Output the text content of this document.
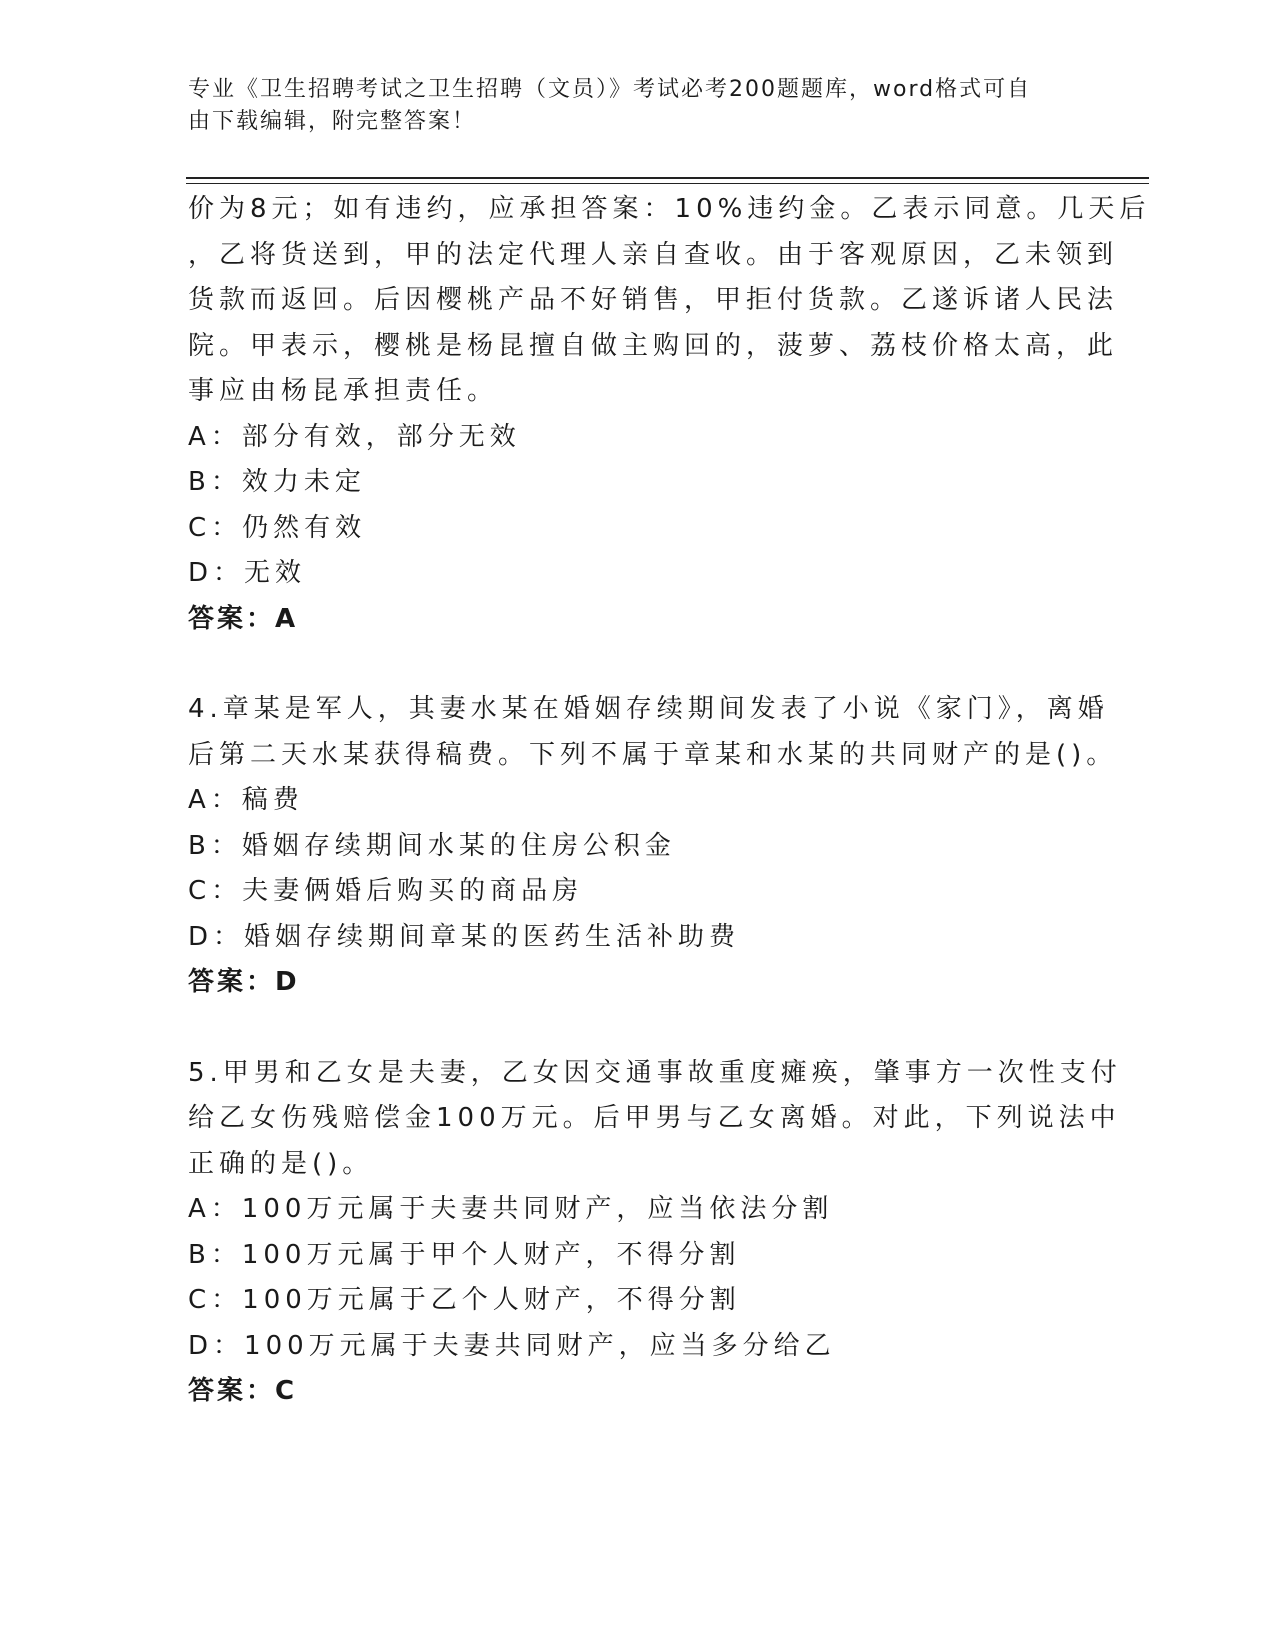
专业《卫生招聘考试之卫生招聘（文员）》考试必考200题题库，word格式可自
由下载编辑，附完整答案！
价为8元；如有违约，应承担答案：10%违约金。乙表示同意。几天后
，乙将货送到，甲的法定代理人亲自查收。由于客观原因，乙未领到
货款而返回。后因樱桃产品不好销售，甲拒付货款。乙遂诉诸人民法
院。甲表示，樱桃是杨昆擅自做主购回的，菠萝、荔枝价格太高，此
事应由杨昆承担责任。
A：部分有效，部分无效
B：效力未定
C：仍然有效
D：无效
答案：A
4.章某是军人，其妻水某在婚姻存续期间发表了小说《家门》，离婚
后第二天水某获得稿费。下列不属于章某和水某的共同财产的是()。
A：稿费
B：婚姻存续期间水某的住房公积金
C：夫妻俩婚后购买的商品房
D：婚姻存续期间章某的医药生活补助费
答案：D
5.甲男和乙女是夫妻，乙女因交通事故重度瘫痪，肇事方一次性支付
给乙女伤残赔偿金100万元。后甲男与乙女离婚。对此，下列说法中
正确的是()。
A：100万元属于夫妻共同财产，应当依法分割
B：100万元属于甲个人财产，不得分割
C：100万元属于乙个人财产，不得分割
D：100万元属于夫妻共同财产，应当多分给乙
答案：C
